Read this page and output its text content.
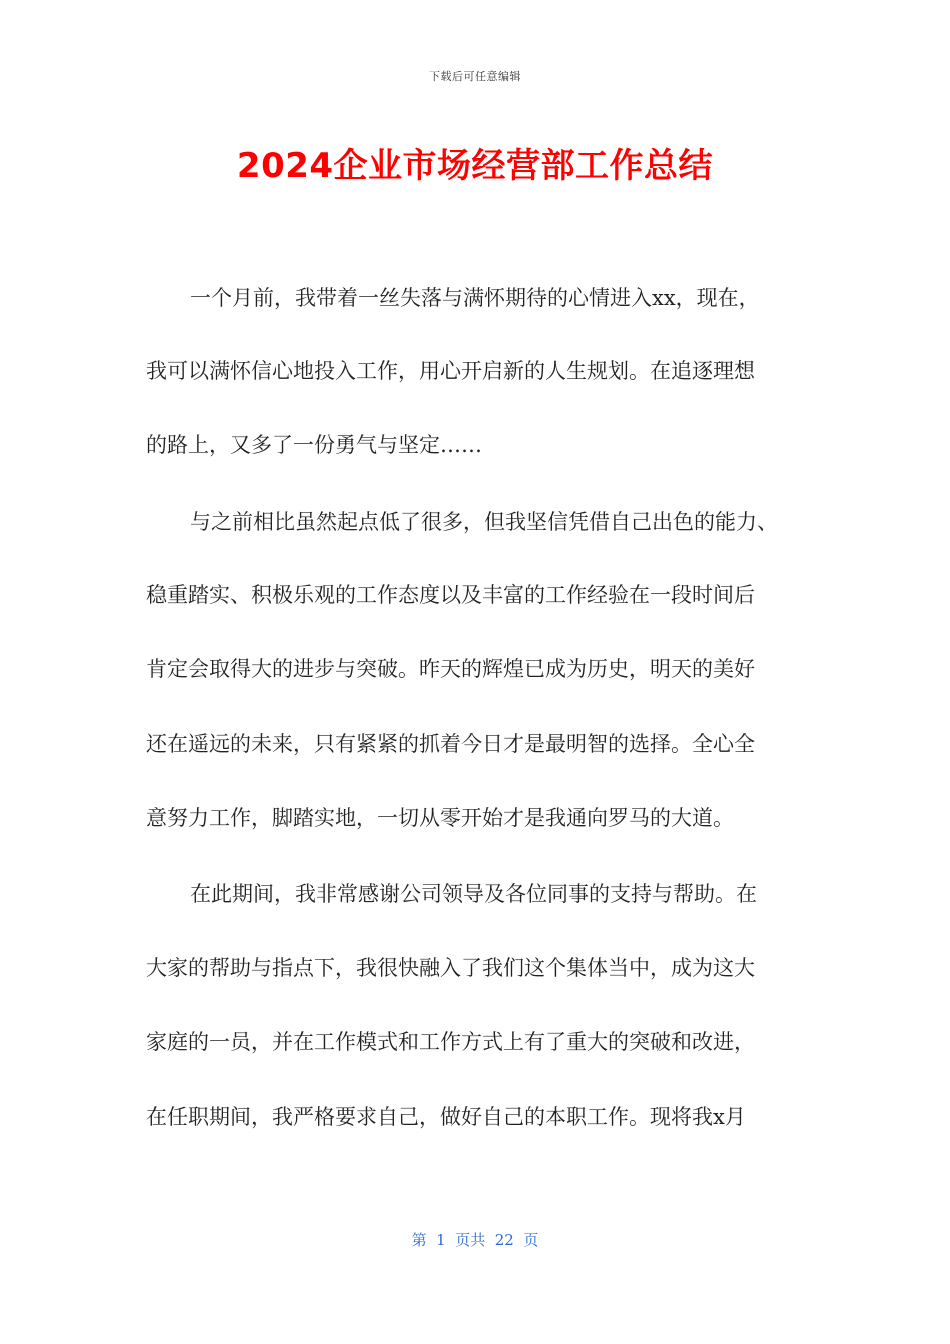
下载后可任意编辑
2024企业市场经营部工作总结
一个月前，我带着一丝失落与满怀期待的心情进入xx，现在，
我可以满怀信心地投入工作，用心开启新的人生规划。在追逐理想
的路上，又多了一份勇气与坚定……
与之前相比虽然起点低了很多，但我坚信凭借自己出色的能力、
稳重踏实、积极乐观的工作态度以及丰富的工作经验在一段时间后
肯定会取得大的进步与突破。昨天的辉煌已成为历史，明天的美好
还在遥远的未来，只有紧紧的抓着今日才是最明智的选择。全心全
意努力工作，脚踏实地，一切从零开始才是我通向罗马的大道。
在此期间，我非常感谢公司领导及各位同事的支持与帮助。在
大家的帮助与指点下，我很快融入了我们这个集体当中，成为这大
家庭的一员，并在工作模式和工作方式上有了重大的突破和改进，
在任职期间，我严格要求自己，做好自己的本职工作。现将我x月
第  1  页共  22  页
